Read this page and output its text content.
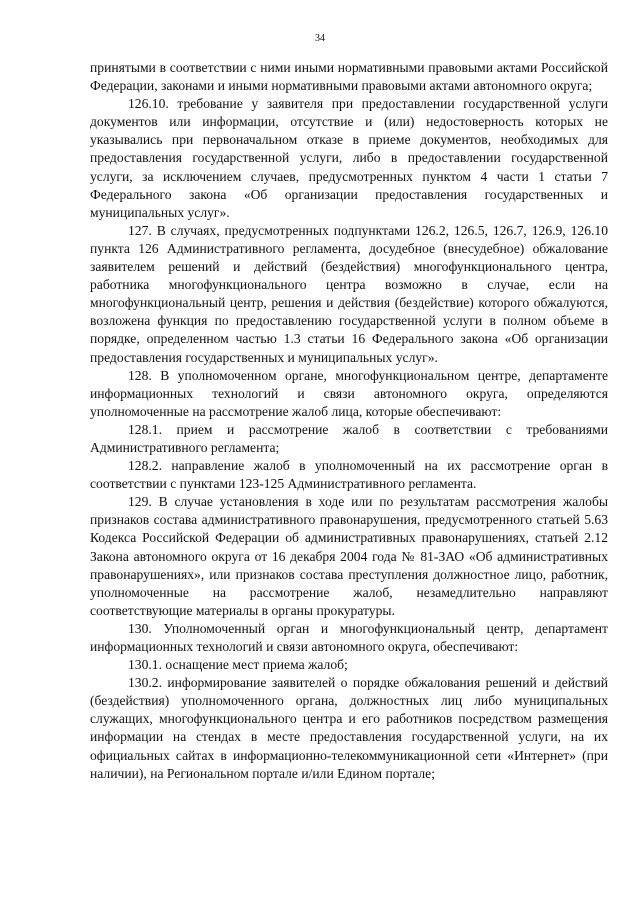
34

принятыми в соответствии с ними иными нормативными правовыми актами Российской Федерации, законами и иными нормативными правовыми актами автономного округа;

126.10. требование у заявителя при предоставлении государственной услуги документов или информации, отсутствие и (или) недостоверность которых не указывались при первоначальном отказе в приеме документов, необходимых для предоставления государственной услуги, либо в предоставлении государственной услуги, за исключением случаев, предусмотренных пунктом 4 части 1 статьи 7 Федерального закона «Об организации предоставления государственных и муниципальных услуг».

127. В случаях, предусмотренных подпунктами 126.2, 126.5, 126.7, 126.9, 126.10 пункта 126 Административного регламента, досудебное (внесудебное) обжалование заявителем решений и действий (бездействия) многофункционального центра, работника многофункционального центра возможно в случае, если на многофункциональный центр, решения и действия (бездействие) которого обжалуются, возложена функция по предоставлению государственной услуги в полном объеме в порядке, определенном частью 1.3 статьи 16 Федерального закона «Об организации предоставления государственных и муниципальных услуг».

128. В уполномоченном органе, многофункциональном центре, департаменте информационных технологий и связи автономного округа, определяются уполномоченные на рассмотрение жалоб лица, которые обеспечивают:

128.1. прием и рассмотрение жалоб в соответствии с требованиями Административного регламента;

128.2. направление жалоб в уполномоченный на их рассмотрение орган в соответствии с пунктами 123-125 Административного регламента.

129. В случае установления в ходе или по результатам рассмотрения жалобы признаков состава административного правонарушения, предусмотренного статьей 5.63 Кодекса Российской Федерации об административных правонарушениях, статьей 2.12 Закона автономного округа от 16 декабря 2004 года № 81-ЗАО «Об административных правонарушениях», или признаков состава преступления должностное лицо, работник, уполномоченные на рассмотрение жалоб, незамедлительно направляют соответствующие материалы в органы прокуратуры.

130. Уполномоченный орган и многофункциональный центр, департамент информационных технологий и связи автономного округа, обеспечивают:

130.1. оснащение мест приема жалоб;

130.2. информирование заявителей о порядке обжалования решений и действий (бездействия) уполномоченного органа, должностных лиц либо муниципальных служащих, многофункционального центра и его работников посредством размещения информации на стендах в месте предоставления государственной услуги, на их официальных сайтах в информационно-телекоммуникационной сети «Интернет» (при наличии), на Региональном портале и/или Едином портале;
